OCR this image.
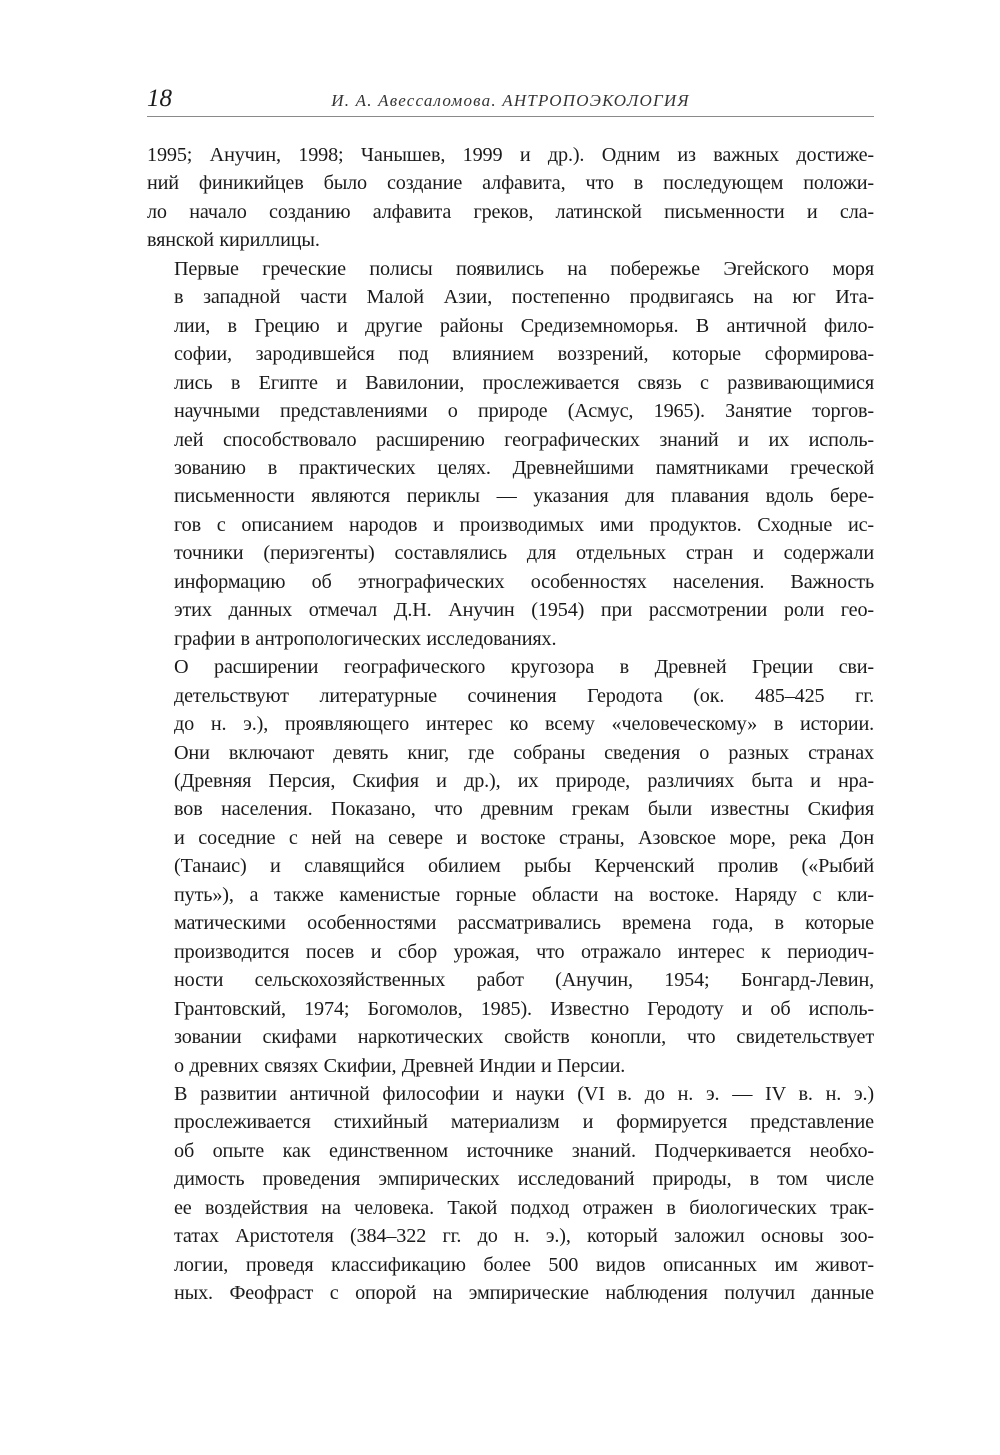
18	И. А. Авессаломова. АНТРОПОЭКОЛОГИЯ

1995; Анучин, 1998; Чанышев, 1999 и др.). Одним из важных достиже-
ний финикийцев было создание алфавита, что в последующем положи-
ло начало созданию алфавита греков, латинской письменности и сла-
вянской кириллицы.

Первые греческие полисы появились на побережье Эгейского моря
в западной части Малой Азии, постепенно продвигаясь на юг Ита-
лии, в Грецию и другие районы Средиземноморья. В античной фило-
софии, зародившейся под влиянием воззрений, которые сформирова-
лись в Египте и Вавилонии, прослеживается связь с развивающимися
научными представлениями о природе (Асмус, 1965). Занятие торгов-
лей способствовало расширению географических знаний и их исполь-
зованию в практических целях. Древнейшими памятниками греческой
письменности являются периклы — указания для плавания вдоль бере-
гов с описанием народов и производимых ими продуктов. Сходные ис-
точники (периэгенты) составлялись для отдельных стран и содержали
информацию об этнографических особенностях населения. Важность
этих данных отмечал Д.Н. Анучин (1954) при рассмотрении роли гео-
графии в антропологических исследованиях.

О расширении географического кругозора в Древней Греции сви-
детельствуют литературные сочинения Геродота (ок. 485–425 гг.
до н. э.), проявляющего интерес ко всему «человеческому» в истории.
Они включают девять книг, где собраны сведения о разных странах
(Древняя Персия, Скифия и др.), их природе, различиях быта и нра-
вов населения. Показано, что древним грекам были известны Скифия
и соседние с ней на севере и востоке страны, Азовское море, река Дон
(Танаис) и славящийся обилием рыбы Керченский пролив («Рыбий
путь»), а также каменистые горные области на востоке. Наряду с кли-
матическими особенностями рассматривались времена года, в которые
производится посев и сбор урожая, что отражало интерес к периодич-
ности сельскохозяйственных работ (Анучин, 1954; Бонгард-Левин,
Грантовский, 1974; Богомолов, 1985). Известно Геродоту и об исполь-
зовании скифами наркотических свойств конопли, что свидетельствует
о древних связях Скифии, Древней Индии и Персии.

В развитии античной философии и науки (VI в. до н. э. — IV в. н. э.)
прослеживается стихийный материализм и формируется представление
об опыте как единственном источнике знаний. Подчеркивается необхо-
димость проведения эмпирических исследований природы, в том числе
ее воздействия на человека. Такой подход отражен в биологических трак-
татах Аристотеля (384–322 гг. до н. э.), который заложил основы зоо-
логии, проведя классификацию более 500 видов описанных им живот-
ных. Феофраст с опорой на эмпирические наблюдения получил данные
